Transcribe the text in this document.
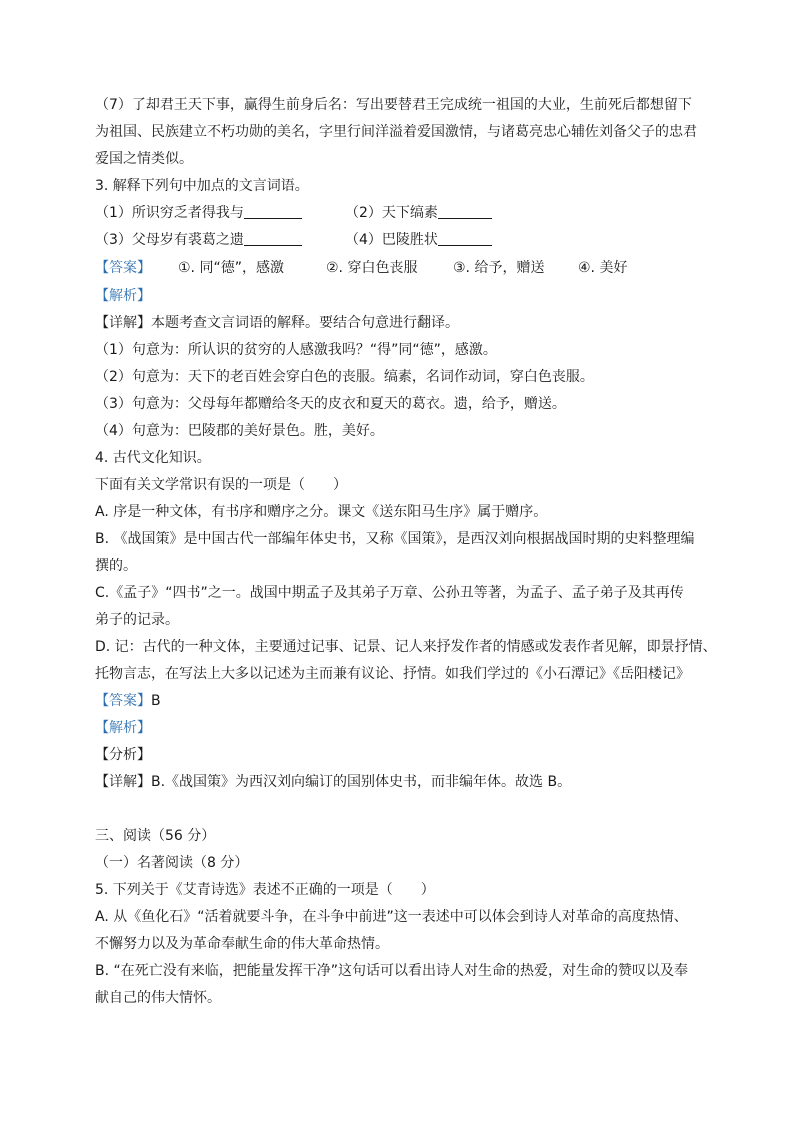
（7）了却君王天下事，赢得生前身后名：写出要替君王完成统一祖国的大业，生前死后都想留下
为祖国、民族建立不朽功勋的美名，字里行间洋溢着爱国激情，与诸葛亮忠心辅佐刘备父子的忠君
爱国之情类似。
3. 解释下列句中加点的文言词语。
（1）所识穷乏者得我与	（2）天下缟素
（3）父母岁有裘葛之遗	（4）巴陵胜状
【答案】 ①. 同“德”，感激	②. 穿白色丧服	③. 给予，赠送 ④. 美好
【解析】
【详解】本题考查文言词语的解释。要结合句意进行翻译。
（1）句意为：所认识的贫穷的人感激我吗？“得”同“德”，感激。
（2）句意为：天下的老百姓会穿白色的丧服。缟素，名词作动词，穿白色丧服。
（3）句意为：父母每年都赠给冬天的皮衣和夏天的葛衣。遗，给予，赠送。
（4）句意为：巴陵郡的美好景色。胜，美好。
4. 古代文化知识。
下面有关文学常识有误的一项是（　　）
A. 序是一种文体，有书序和赠序之分。课文《送东阳马生序》属于赠序。
B. 《战国策》是中国古代一部编年体史书，又称《国策》，是西汉刘向根据战国时期的史料整理编
撰的。
C.《孟子》“四书”之一。战国中期孟子及其弟子万章、公孙丑等著，为孟子、孟子弟子及其再传
弟子的记录。
D. 记：古代的一种文体，主要通过记事、记景、记人来抒发作者的情感或发表作者见解，即景抒情、
托物言志，在写法上大多以记述为主而兼有议论、抒情。如我们学过的《小石潭记》《岳阳楼记》
【答案】B
【解析】
【分析】
【详解】B.《战国策》为西汉刘向编订的国别体史书，而非编年体。故选 B。
三、阅读（56 分）
（一）名著阅读（8 分）
5. 下列关于《艾青诗选》表述不正确的一项是（　　）
A. 从《鱼化石》“活着就要斗争，在斗争中前进”这一表述中可以体会到诗人对革命的高度热情、
不懈努力以及为革命奉献生命的伟大革命热情。
B. “在死亡没有来临，把能量发挥干净”这句话可以看出诗人对生命的热爱，对生命的赞叹以及奉
献自己的伟大情怀。
